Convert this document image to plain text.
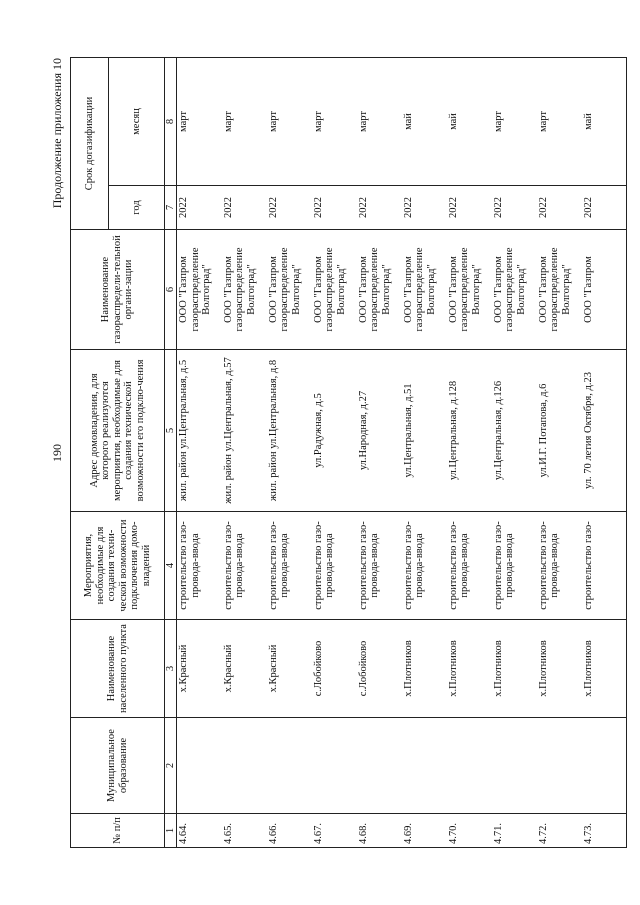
190
Продолжение приложения 10
№ п/п	Муниципальное образование	Наименование населенного пункта	Мероприятия, необходимые для создания техни-ческой возможности подключения домо-владений	Адрес домовладения, для которого реализуются мероприятия, необходимые для создания технической возможности его подклю-чения	Наименование газораспредели-тельной органи-зации	Срок догазификации	
						год	месяц
1	2	3	4	5	6	7	8
4.64.		х.Красный	строительство газо-провода-ввода	жил. район ул.Центральная, д.5	ООО "Газпром газораспределение Волгоград"	2022	март
4.65.		х.Красный	строительство газо-провода-ввода	жил. район ул.Центральная, д.57	ООО "Газпром газораспределение Волгоград"	2022	март
4.66.		х.Красный	строительство газо-провода-ввода	жил. район ул.Центральная, д.8	ООО "Газпром газораспределение Волгоград"	2022	март
4.67.		с.Лобойково	строительство газо-провода-ввода	ул.Радужная, д.5	ООО "Газпром газораспределение Волгоград"	2022	март
4.68.		с.Лобойково	строительство газо-провода-ввода	ул.Народная, д.27	ООО "Газпром газораспределение Волгоград"	2022	март
4.69.		х.Плотников	строительство газо-провода-ввода	ул.Центральная, д.51	ООО "Газпром газораспределение Волгоград"	2022	май
4.70.		х.Плотников	строительство газо-провода-ввода	ул.Центральная, д.128	ООО "Газпром газораспределение Волгоград"	2022	май
4.71.		х.Плотников	строительство газо-провода-ввода	ул.Центральная, д.126	ООО "Газпром газораспределение Волгоград"	2022	март
4.72.		х.Плотников	строительство газо-провода-ввода	ул.И.Г. Потапова, д.6	ООО "Газпром газораспределение Волгоград"	2022	март
4.73.		х.Плотников	строительство газо-	ул. 70 летия Октября, д.23	ООО "Газпром	2022	май
